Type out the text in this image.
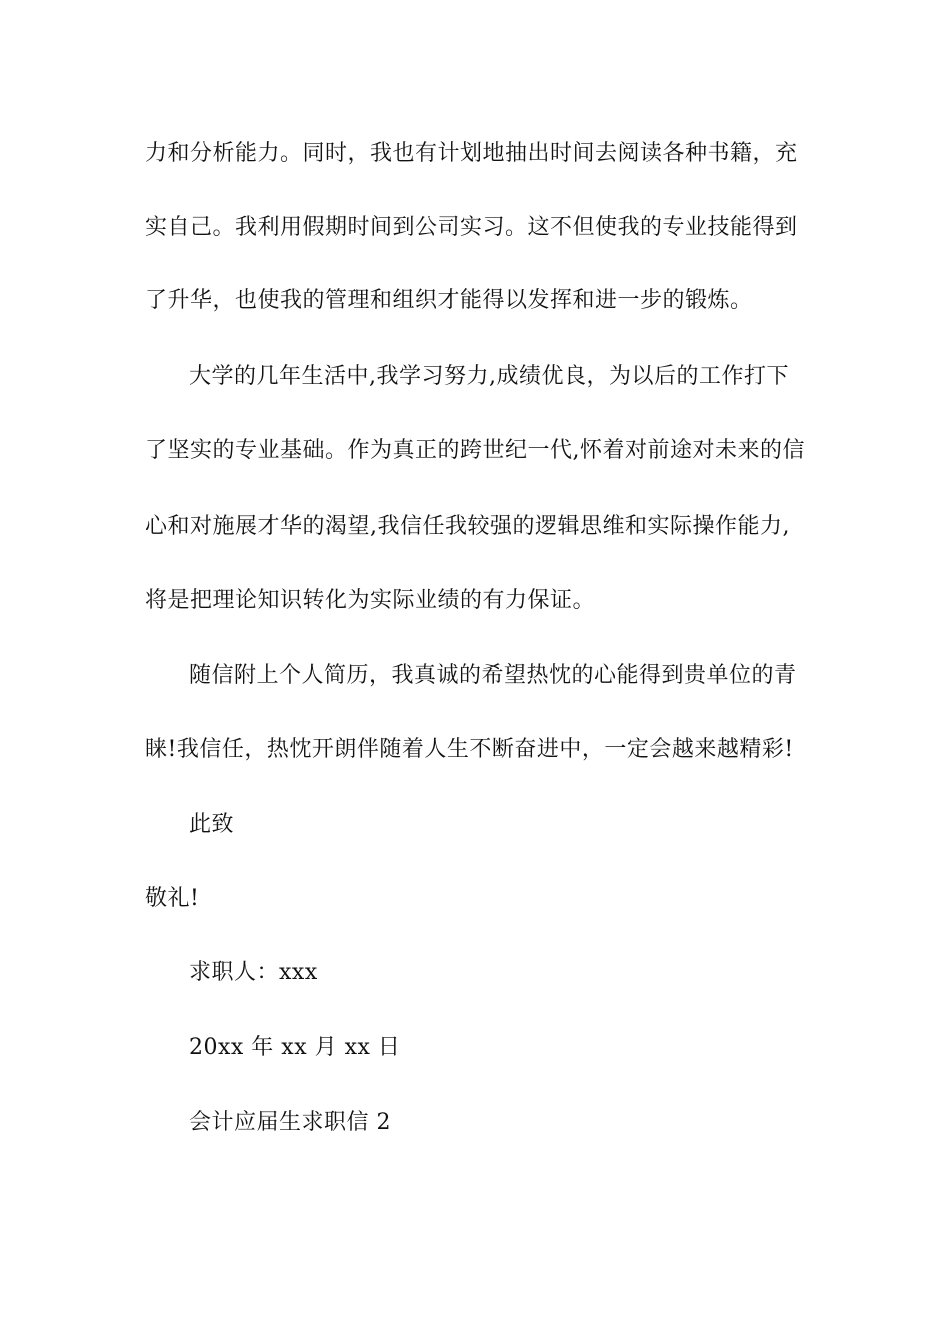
力和分析能力。同时，我也有计划地抽出时间去阅读各种书籍，充
实自己。我利用假期时间到公司实习。这不但使我的专业技能得到
了升华，也使我的管理和组织才能得以发挥和进一步的锻炼。
大学的几年生活中,我学习努力,成绩优良，为以后的工作打下
了坚实的专业基础。作为真正的跨世纪一代,怀着对前途对未来的信
心和对施展才华的渴望,我信任我较强的逻辑思维和实际操作能力,
将是把理论知识转化为实际业绩的有力保证。
随信附上个人简历，我真诚的希望热忱的心能得到贵单位的青
睐!我信任，热忱开朗伴随着人生不断奋进中，一定会越来越精彩!
此致
敬礼!
求职人：xxx
20xx 年 xx 月 xx 日
会计应届生求职信 2
